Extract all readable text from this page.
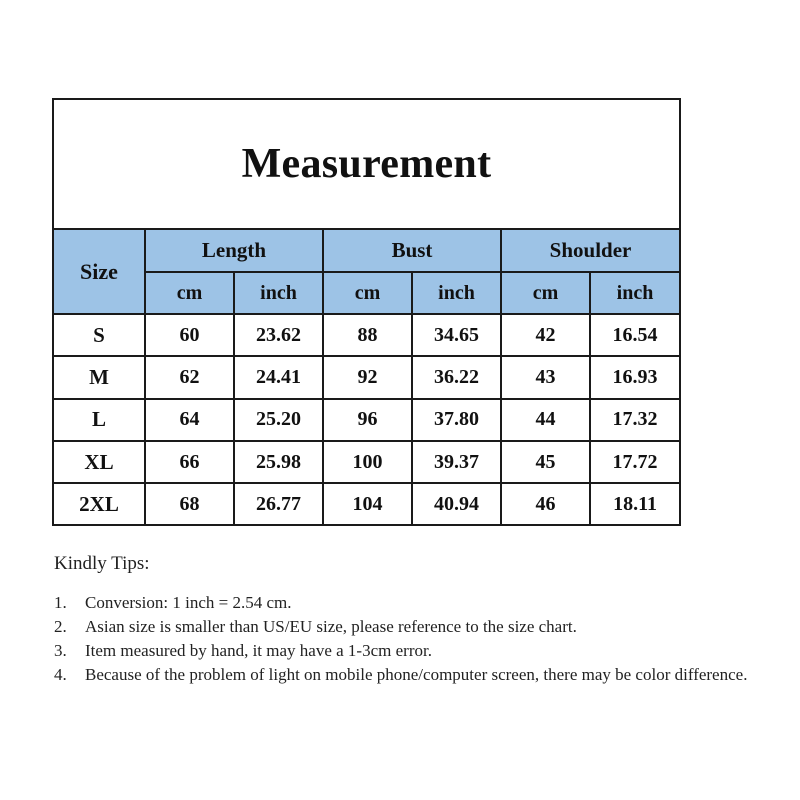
Measurement
Size	Length		Bust		Shoulder	
	cm	inch	cm	inch	cm	inch
S	60	23.62	88	34.65	42	16.54
M	62	24.41	92	36.22	43	16.93
L	64	25.20	96	37.80	44	17.32
XL	66	25.98	100	39.37	45	17.72
2XL	68	26.77	104	40.94	46	18.11
Kindly Tips:
1. Conversion: 1 inch = 2.54 cm.
2. Asian size is smaller than US/EU size, please reference to the size chart.
3. Item measured by hand, it may have a 1-3cm error.
4. Because of the problem of light on mobile phone/computer screen, there may be color difference.
